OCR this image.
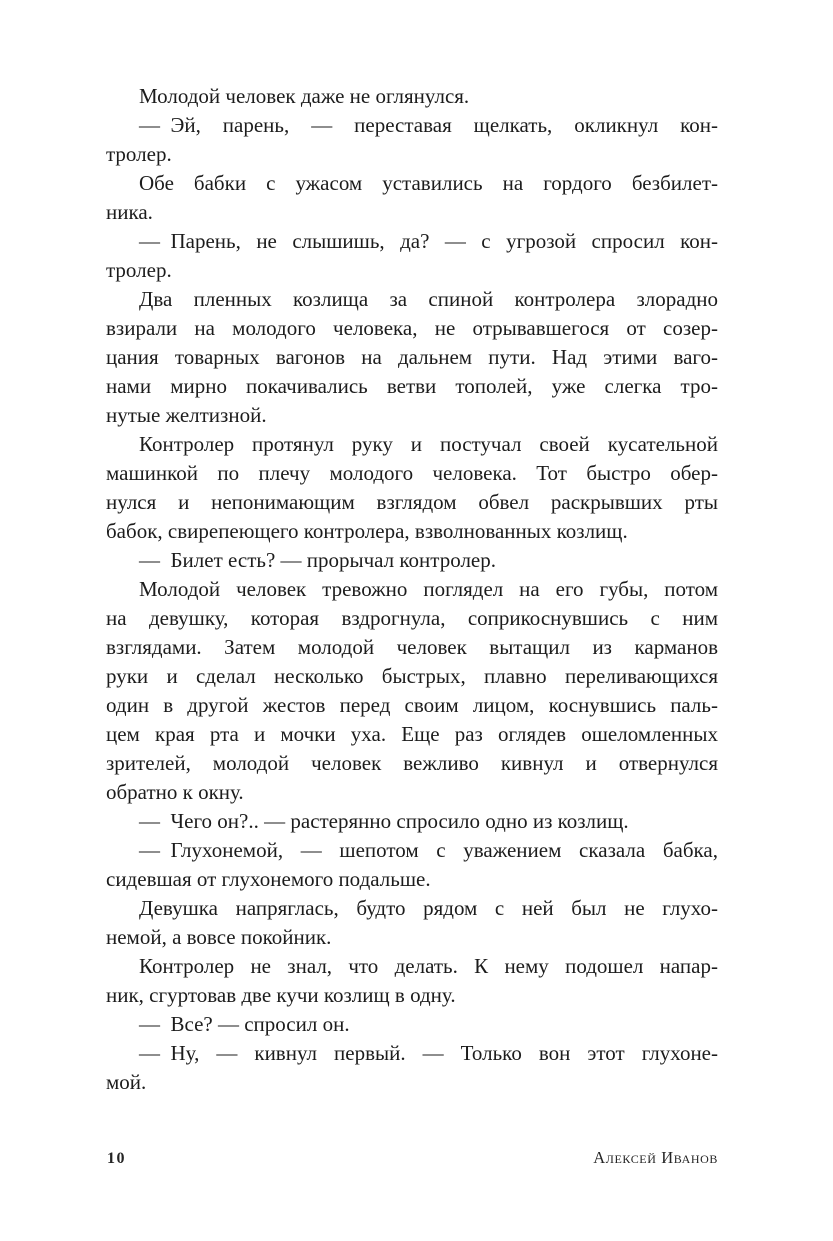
Молодой человек даже не оглянулся.
— Эй, парень, — переставая щелкать, окликнул кон-
тролер.
Обе бабки с ужасом уставились на гордого безбилет-
ника.
— Парень, не слышишь, да? — с угрозой спросил кон-
тролер.
Два пленных козлища за спиной контролера злорадно
взирали на молодого человека, не отрывавшегося от созер-
цания товарных вагонов на дальнем пути. Над этими ваго-
нами мирно покачивались ветви тополей, уже слегка тро-
нутые желтизной.
Контролер протянул руку и постучал своей кусательной
машинкой по плечу молодого человека. Тот быстро обер-
нулся и непонимающим взглядом обвел раскрывших рты
бабок, свирепеющего контролера, взволнованных козлищ.
— Билет есть? — прорычал контролер.
Молодой человек тревожно поглядел на его губы, потом
на девушку, которая вздрогнула, соприкоснувшись с ним
взглядами. Затем молодой человек вытащил из карманов
руки и сделал несколько быстрых, плавно переливающихся
один в другой жестов перед своим лицом, коснувшись паль-
цем края рта и мочки уха. Еще раз оглядев ошеломленных
зрителей, молодой человек вежливо кивнул и отвернулся
обратно к окну.
— Чего он?.. — растерянно спросило одно из козлищ.
— Глухонемой, — шепотом с уважением сказала бабка,
сидевшая от глухонемого подальше.
Девушка напряглась, будто рядом с ней был не глухо-
немой, а вовсе покойник.
Контролер не знал, что делать. К нему подошел напар-
ник, сгуртовав две кучи козлищ в одну.
— Все? — спросил он.
— Ну, — кивнул первый. — Только вон этот глухоне-
мой.
10	Алексей Иванов
